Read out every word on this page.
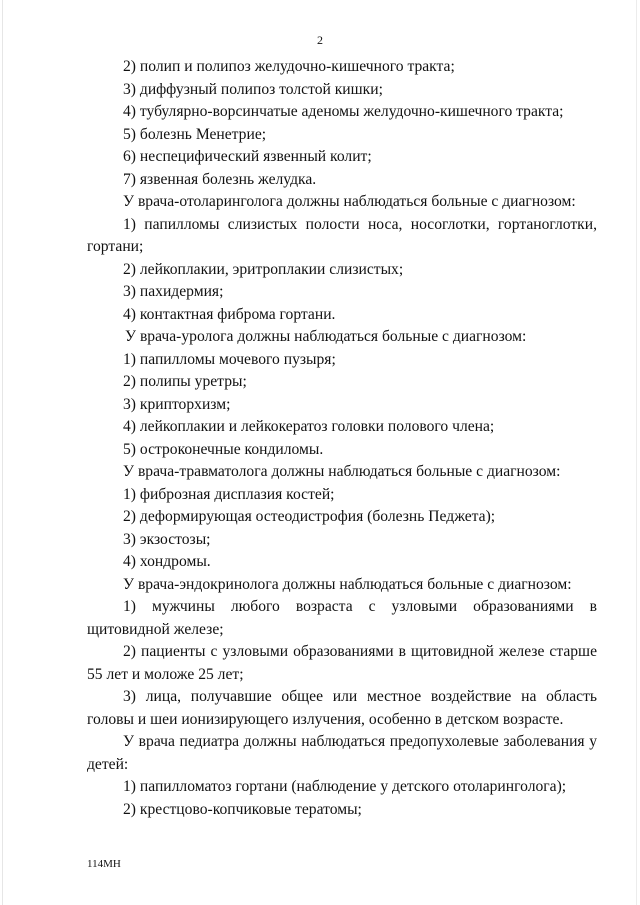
2

2) полип и полипоз желудочно-кишечного тракта;

3) диффузный полипоз толстой кишки;

4) тубулярно-ворсинчатые аденомы желудочно-кишечного тракта;

5) болезнь Менетрие;

6) неспецифический язвенный колит;

7) язвенная болезнь желудка.

У врача-отоларинголога должны наблюдаться больные с диагнозом:

1) папилломы слизистых полости носа, носоглотки, гортаноглотки, гортани;

2) лейкоплакии, эритроплакии слизистых;

3) пахидермия;

4) контактная фиброма гортани.

У врача-уролога должны наблюдаться больные с диагнозом:

1) папилломы мочевого пузыря;

2) полипы уретры;

3) крипторхизм;

4) лейкоплакии и лейкокератоз головки полового члена;

5) остроконечные кондиломы.

У врача-травматолога должны наблюдаться больные с диагнозом:

1) фиброзная дисплазия костей;

2) деформирующая остеодистрофия (болезнь Педжета);

3) экзостозы;

4) хондромы.

У врача-эндокринолога должны наблюдаться больные с диагнозом:

1) мужчины любого возраста с узловыми образованиями в щитовидной железе;

2) пациенты с узловыми образованиями в щитовидной железе старше 55 лет и моложе 25 лет;

3) лица, получавшие общее или местное воздействие на область головы и шеи ионизирующего излучения, особенно в детском возрасте.

У врача педиатра должны наблюдаться предопухолевые заболевания у детей:

1) папилломатоз гортани (наблюдение у детского отоларинголога);

2) крестцово-копчиковые тератомы;

114МН
